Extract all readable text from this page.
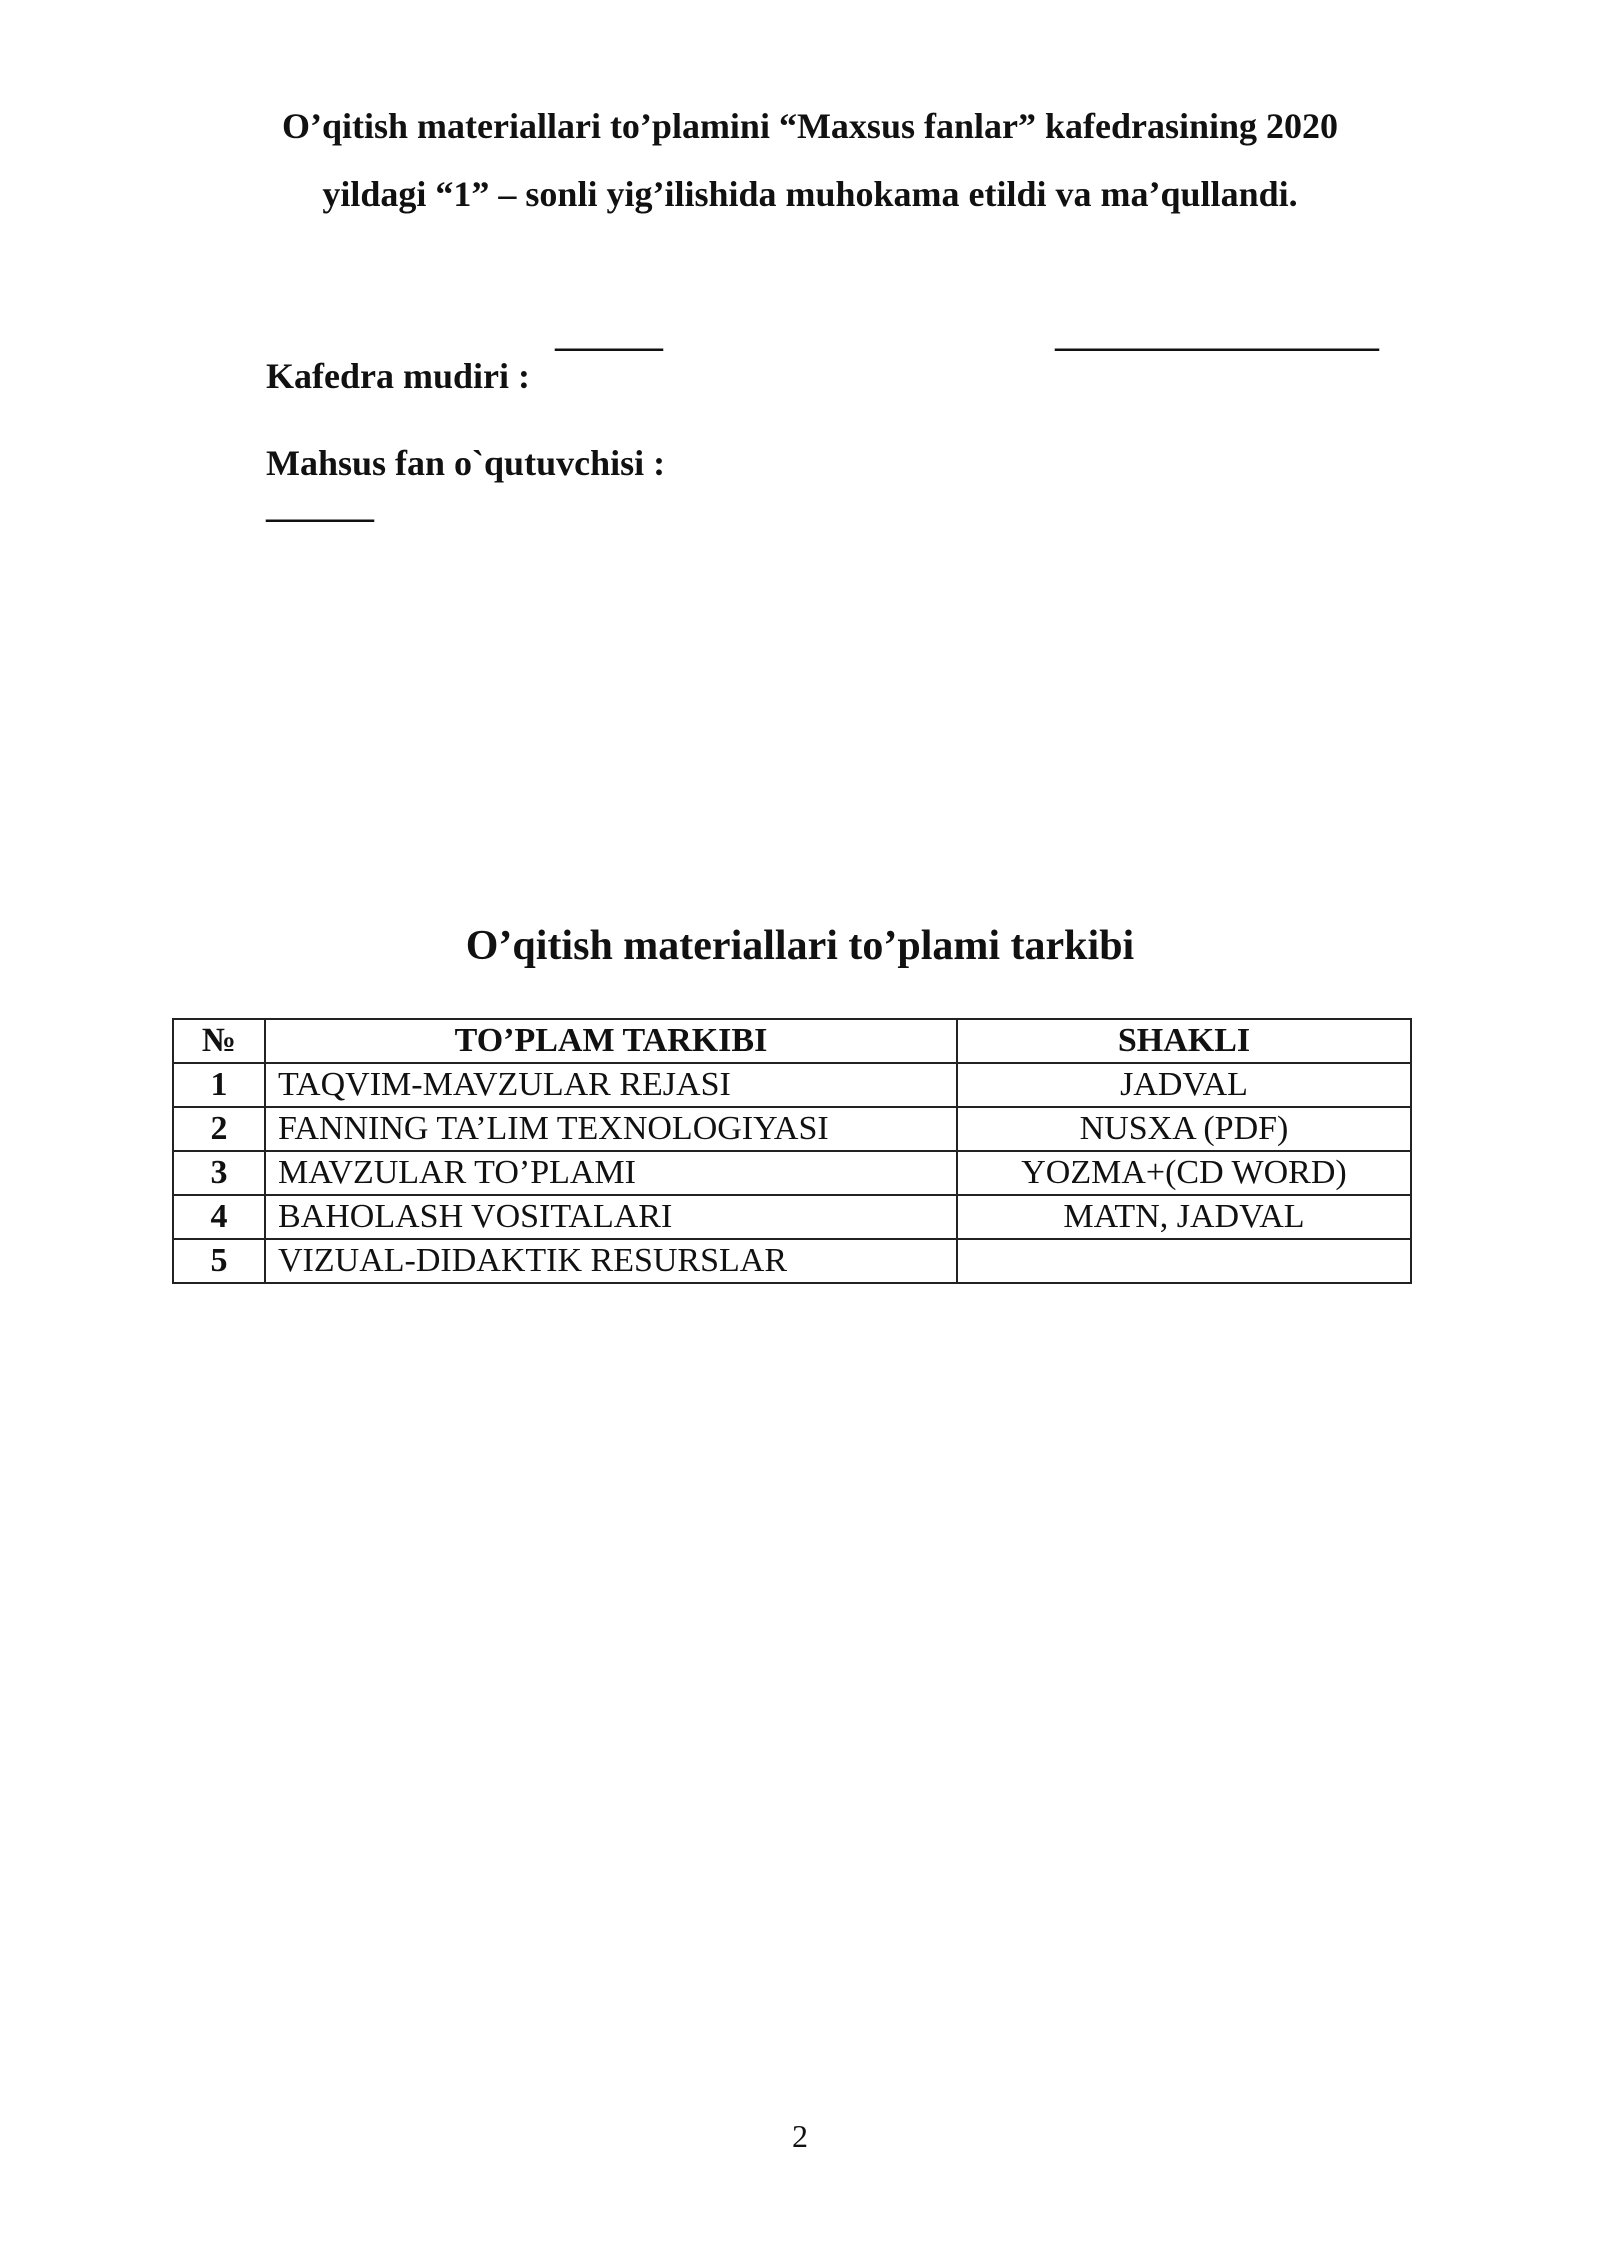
O’qitish materiallari to’plamini “Maxsus fanlar” kafedrasining 2020

yildagi “1” – sonli yig’ilishida muhokama etildi va ma’qullandi.

Kafedra mudiri :

______

	__________________

Mahsus fan o`qutuvchisi :
______

O’qitish materiallari to’plami tarkibi
№	TO’PLAM TARKIBI	SHAKLI
1	TAQVIM-MAVZULAR REJASI	JADVAL
2	FANNING TA’LIM TEXNOLOGIYASI	NUSXA (PDF)
3	MAVZULAR TO’PLAMI	YOZMA+(CD WORD)
4	BAHOLASH VOSITALARI	MATN, JADVAL
5	VIZUAL-DIDAKTIK RESURSLAR	
2
